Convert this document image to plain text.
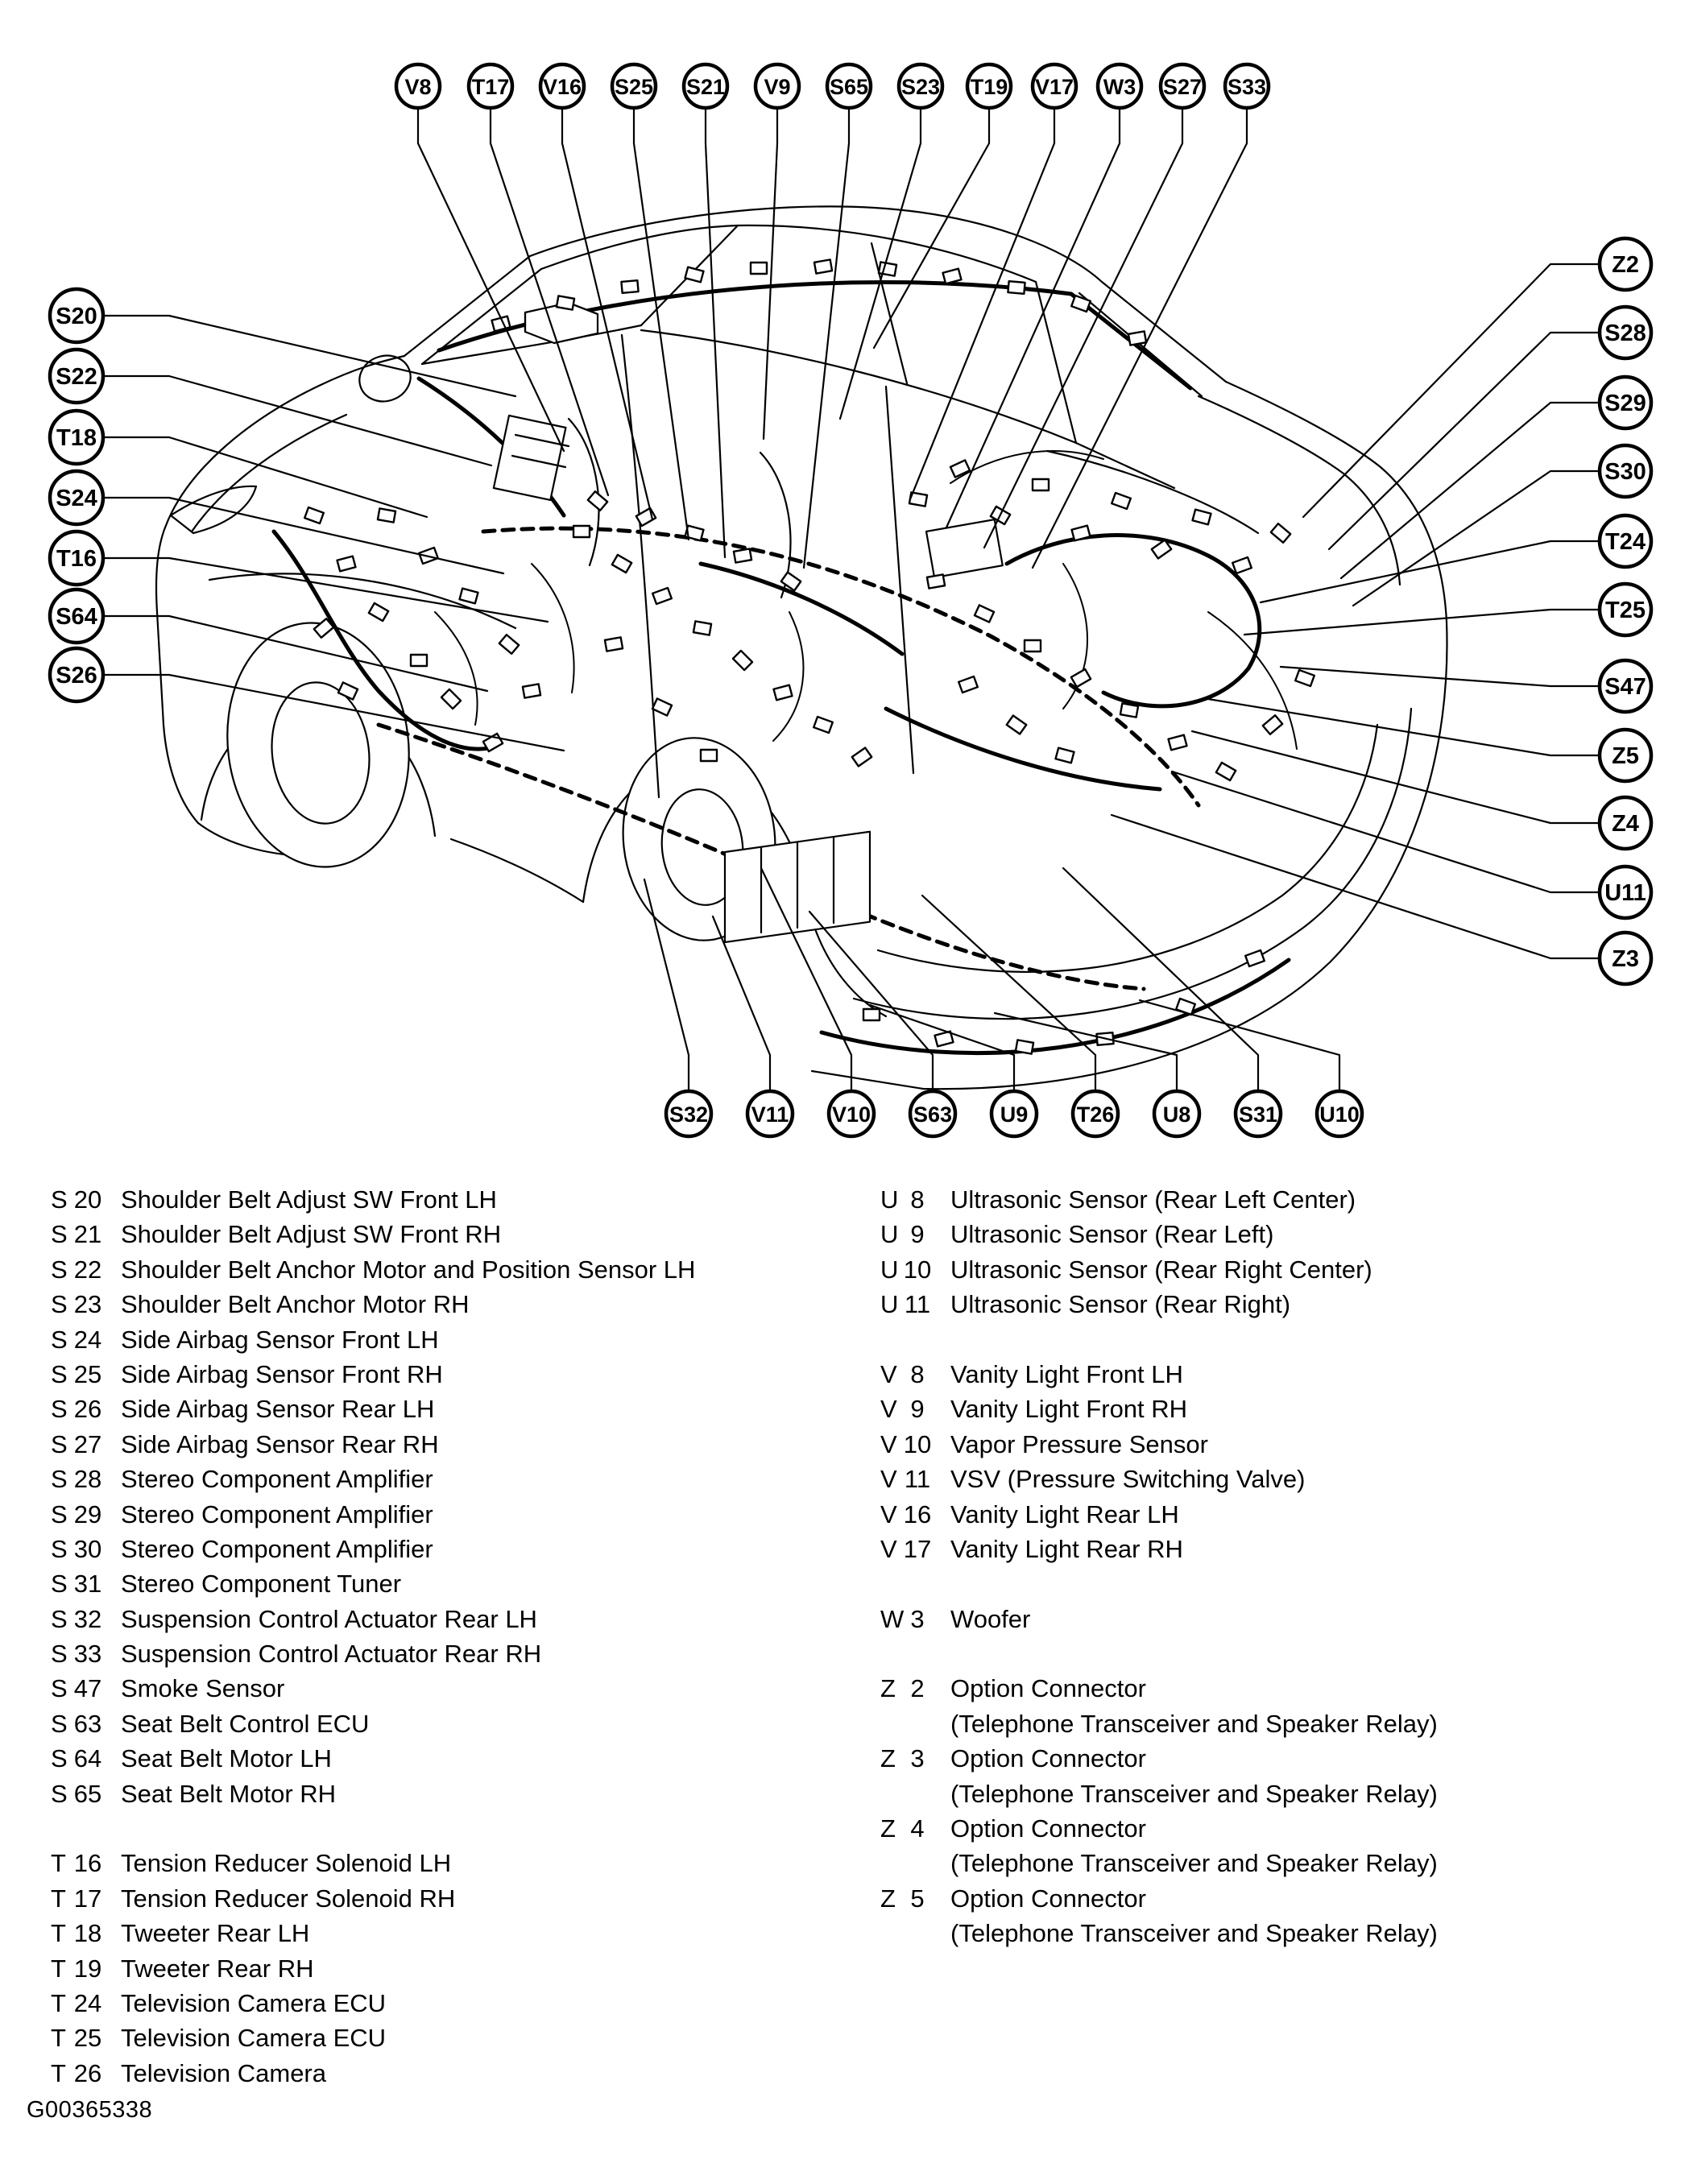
V8 T17 V16 S25 S21 V9 S65 S23 T19 V17 W3 S27 S33
S20
S22
T18
S24
T16
S64
S26
Z2
S28
S29
S30
T24
T25
S47
Z5
Z4
U11
Z3
S32 V11 V10 S63 U9 T26 U8 S31 U10
S 20 Shoulder Belt Adjust SW Front LH
S 21 Shoulder Belt Adjust SW Front RH
S 22 Shoulder Belt Anchor Motor and Position Sensor LH
S 23 Shoulder Belt Anchor Motor RH
S 24 Side Airbag Sensor Front LH
S 25 Side Airbag Sensor Front RH
S 26 Side Airbag Sensor Rear LH
S 27 Side Airbag Sensor Rear RH
S 28 Stereo Component Amplifier
S 29 Stereo Component Amplifier
S 30 Stereo Component Amplifier
S 31 Stereo Component Tuner
S 32 Suspension Control Actuator Rear LH
S 33 Suspension Control Actuator Rear RH
S 47 Smoke Sensor
S 63 Seat Belt Control ECU
S 64 Seat Belt Motor LH
S 65 Seat Belt Motor RH
T 16 Tension Reducer Solenoid LH
T 17 Tension Reducer Solenoid RH
T 18 Tweeter Rear LH
T 19 Tweeter Rear RH
T 24 Television Camera ECU
T 25 Television Camera ECU
T 26 Television Camera
U 8	Ultrasonic Sensor (Rear Left Center)
U 9	Ultrasonic Sensor (Rear Left)
U 10 Ultrasonic Sensor (Rear Right Center)
U 11 Ultrasonic Sensor (Rear Right)
V 8	Vanity Light Front LH
V 9	Vanity Light Front RH
V 10 Vapor Pressure Sensor
V 11 VSV (Pressure Switching Valve)
V 16 Vanity Light Rear LH
V 17 Vanity Light Rear RH
W 3	Woofer
Z 2	Option Connector
(Telephone Transceiver and Speaker Relay)
Z 3	Option Connector
(Telephone Transceiver and Speaker Relay)
Z 4	Option Connector
(Telephone Transceiver and Speaker Relay)
Z 5	Option Connector
(Telephone Transceiver and Speaker Relay)
G00365338
